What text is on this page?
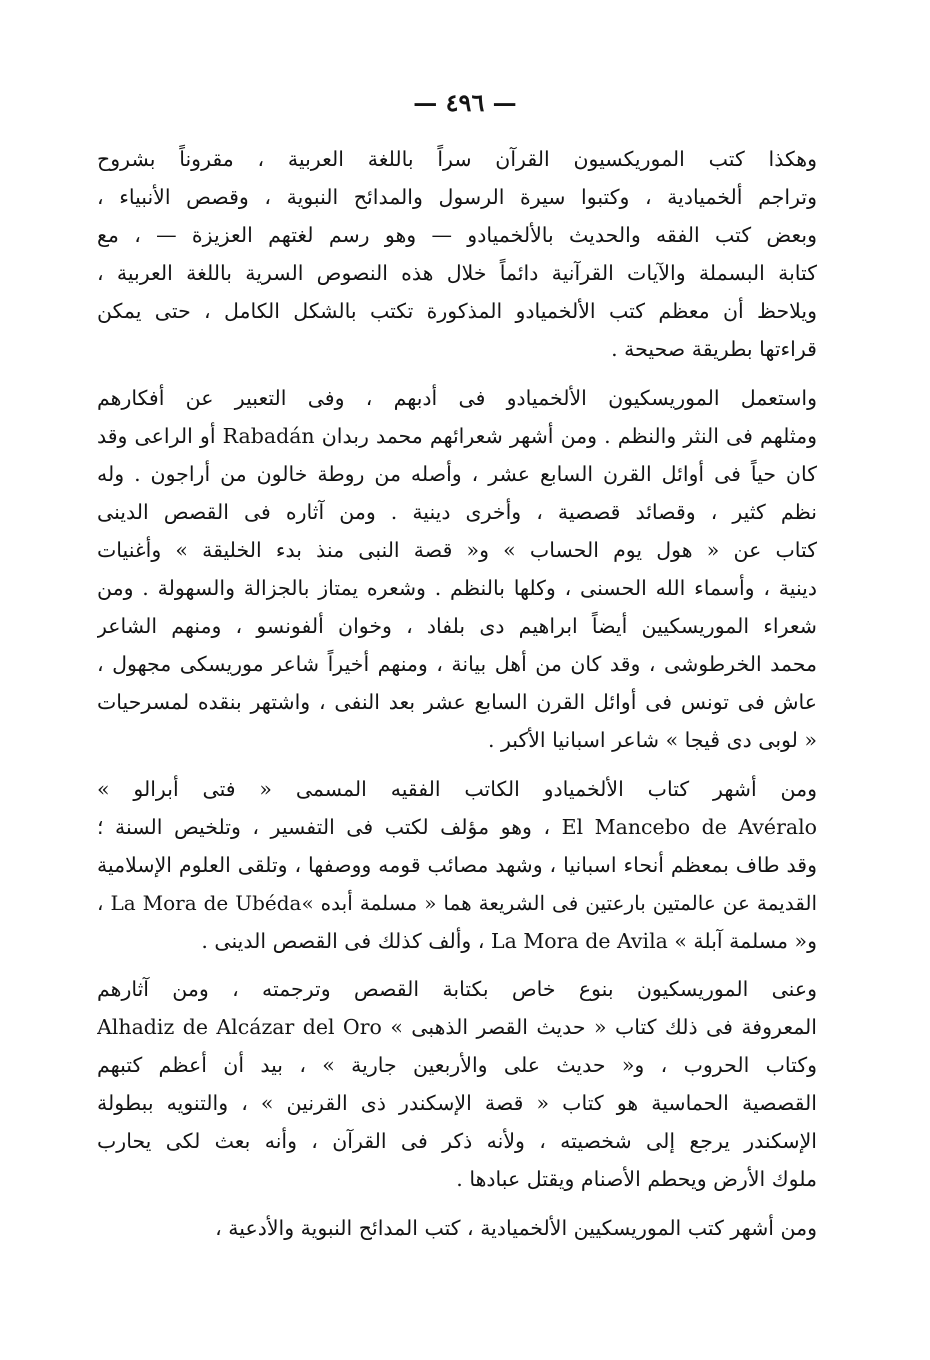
— ٤٩٦ —
وهكذا كتب الموريكسيون القرآن سراً باللغة العربية ، مقروناً بشروح
وتراجم ألخميادية ، وكتبوا سيرة الرسول والمدائح النبوية ، وقصص الأنبياء ،
وبعض كتب الفقه والحديث بالألخميادو — وهو رسم لغتهم العزيزة — ، مع
كتابة البسملة والآيات القرآنية دائماً خلال هذه النصوص السرية باللغة العربية ،
ويلاحظ أن معظم كتب الألخميادو المذكورة تكتب بالشكل الكامل ، حتى يمكن
قراءتها بطريقة صحيحة .
واستعمل الموريسكيون الألخميادو فى أدبهم ، وفى التعبير عن أفكارهم
ومثلهم فى النثر والنظم . ومن أشهر شعرائهم محمد ربدان Rabadán أو الراعى وقد
كان حياً فى أوائل القرن السابع عشر ، وأصله من روطة خالون من أراجون . وله
نظم كثير ، وقصائد قصصية ، وأخرى دينية . ومن آثاره فى القصص الدينى
كتاب عن « هول يوم الحساب » و« قصة النبى منذ بدء الخليقة » وأغنيات
دينية ، وأسماء الله الحسنى ، وكلها بالنظم . وشعره يمتاز بالجزالة والسهولة . ومن
شعراء الموريسكيين أيضاً ابراهيم دى بلفاد ، وخوان ألفونسو ، ومنهم الشاعر
محمد الخرطوشى ، وقد كان من أهل بيانة ، ومنهم أخيراً شاعر موريسكى مجهول ،
عاش فى تونس فى أوائل القرن السابع عشر بعد النفى ، واشتهر بنقده لمسرحيات
« لوبى دى ڤيجا » شاعر اسبانيا الأكبر .
ومن أشهر كتاب الألخميادو الكاتب الفقيه المسمى « فتى أبرالو »
El Mancebo de Avéralo ، وهو مؤلف لكتب فى التفسير ، وتلخيص السنة ؛
وقد طاف بمعظم أنحاء اسبانيا ، وشهد مصائب قومه ووصفها ، وتلقى العلوم الإسلامية
القديمة عن عالمتين بارعتين فى الشريعة هما « مسلمة أبده »La Mora de Ubéda ،
و« مسلمة آبلة » La Mora de Avila ، وألف كذلك فى القصص الدينى .
وعنى الموريسكيون بنوع خاص بكتابة القصص وترجمته ، ومن آثارهم
المعروفة فى ذلك كتاب « حديث القصر الذهبى » Alhadiz de Alcázar del Oro
وكتاب الحروب ، و« حديث على والأربعين جارية » ، بيد أن أعظم كتبهم
القصصية الحماسية هو كتاب « قصة الإسكندر ذى القرنين » ، والتنويه ببطولة
الإسكندر يرجع إلى شخصيته ، ولأنه ذكر فى القرآن ، وأنه بعث لكى يحارب
ملوك الأرض ويحطم الأصنام ويقتل عبادها .
ومن أشهر كتب الموريسكيين الألخميادية ، كتب المدائح النبوية والأدعية ،
